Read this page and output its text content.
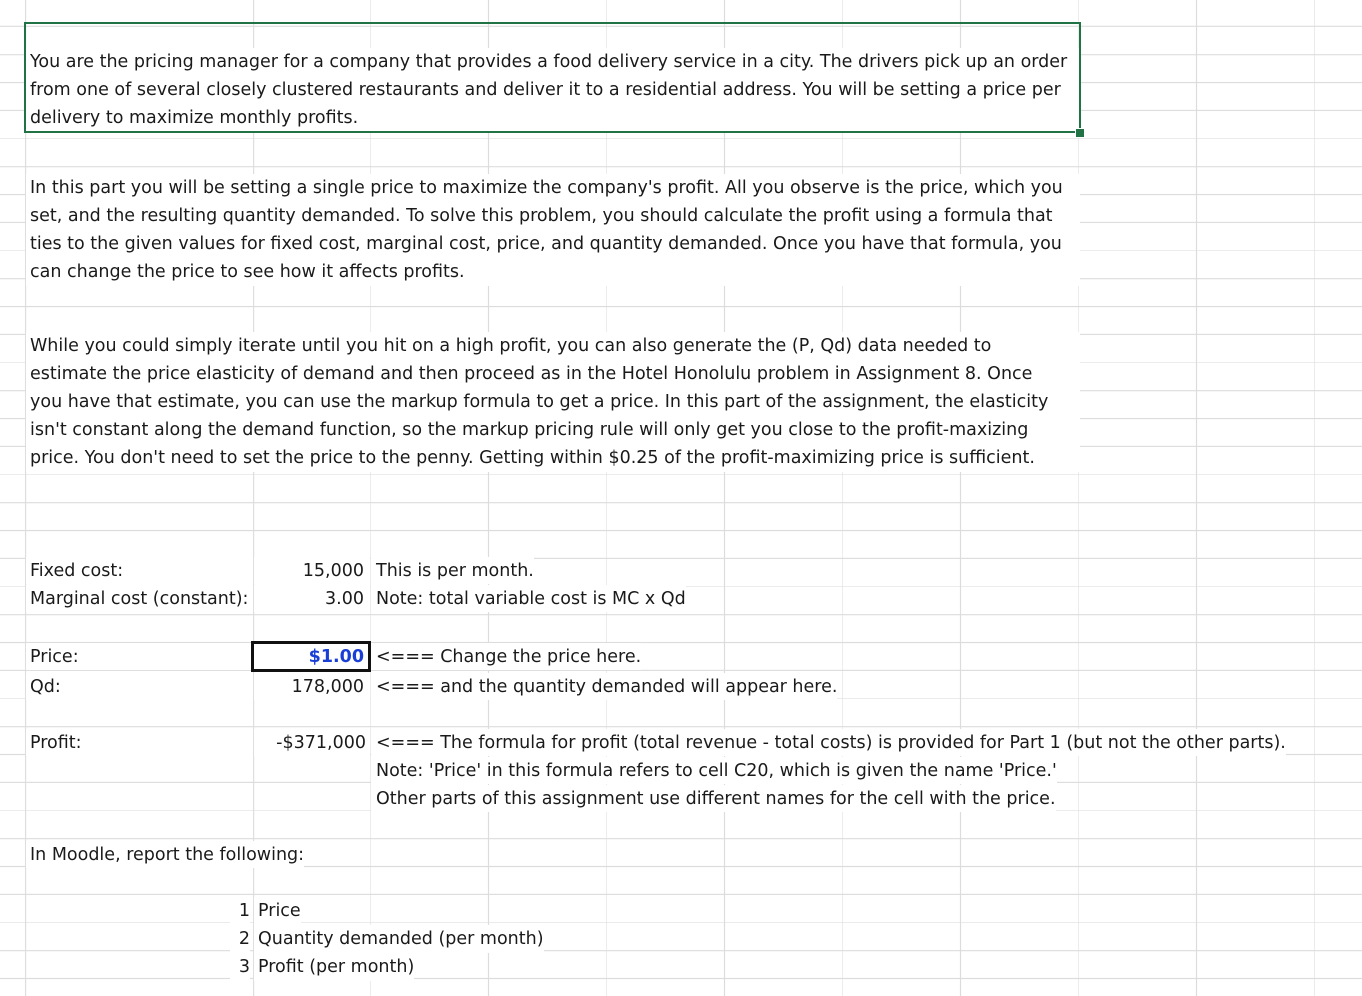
You are the pricing manager for a company that provides a food delivery service in a city. The drivers pick up an order
from one of several closely clustered restaurants and deliver it to a residential address. You will be setting a price per
delivery to maximize monthly profits.
In this part you will be setting a single price to maximize the company's profit. All you observe is the price, which you
set, and the resulting quantity demanded. To solve this problem, you should calculate the profit using a formula that
ties to the given values for fixed cost, marginal cost, price, and quantity demanded. Once you have that formula, you
can change the price to see how it affects profits.
While you could simply iterate until you hit on a high profit, you can also generate the (P, Qd) data needed to
estimate the price elasticity of demand and then proceed as in the Hotel Honolulu problem in Assignment 8. Once
you have that estimate, you can use the markup formula to get a price. In this part of the assignment, the elasticity
isn't constant along the demand function, so the markup pricing rule will only get you close to the profit-maxizing
price. You don't need to set the price to the penny. Getting within $0.25 of the profit-maximizing price is sufficient.
Fixed cost:	15,000 This is per month.
Marginal cost (constant):	3.00 Note: total variable cost is MC x Qd
Price:	$1.00 <=== Change the price here.
Qd:	178,000 <=== and the quantity demanded will appear here.
Profit:	-$371,000 <=== The formula for profit (total revenue - total costs) is provided for Part 1 (but not the other parts).
Note: 'Price' in this formula refers to cell C20, which is given the name 'Price.'
Other parts of this assignment use different names for the cell with the price.
In Moodle, report the following:
1 Price
2 Quantity demanded (per month)
3 Profit (per month)
